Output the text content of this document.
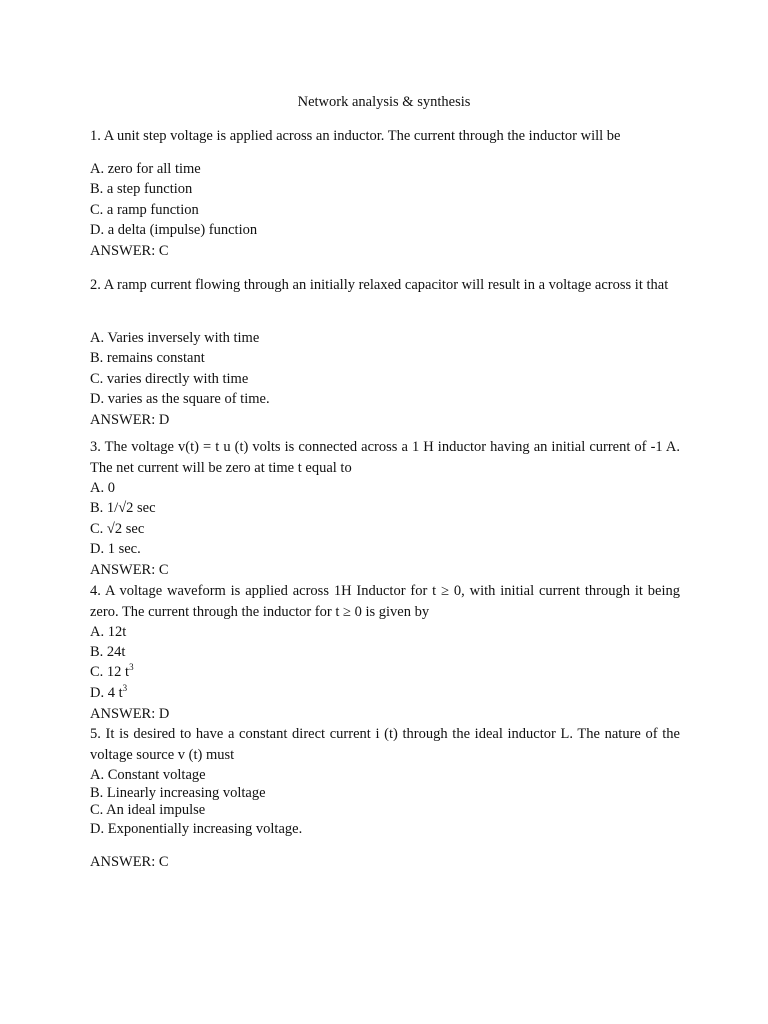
Network analysis & synthesis
1. A unit step voltage is applied across an inductor. The current through the inductor will be
A. zero for all time
B. a step function
C. a ramp function
D. a delta (impulse) function
ANSWER: C
2. A ramp current flowing through an initially relaxed capacitor will result in a voltage across it that
A. Varies inversely with time
B. remains constant
C. varies directly with time
D. varies as the square of time.
ANSWER: D
3. The voltage v(t) = t u (t) volts is connected across a 1 H inductor having an initial current of -1 A. The net current will be zero at time t equal to
A. 0
B. 1/√2 sec
C. √2 sec
D. 1 sec.
ANSWER: C
4. A voltage waveform is applied across 1H Inductor for t ≥ 0, with initial current through it being zero. The current through the inductor for t ≥ 0 is given by
A. 12t
B. 24t
C. 12 $t^3$
D. 4 $t^3$
ANSWER: D
5. It is desired to have a constant direct current i (t) through the ideal inductor L. The nature of the voltage source v (t) must
A. Constant voltage
B. Linearly increasing voltage
C. An ideal impulse
D. Exponentially increasing voltage.
ANSWER: C
